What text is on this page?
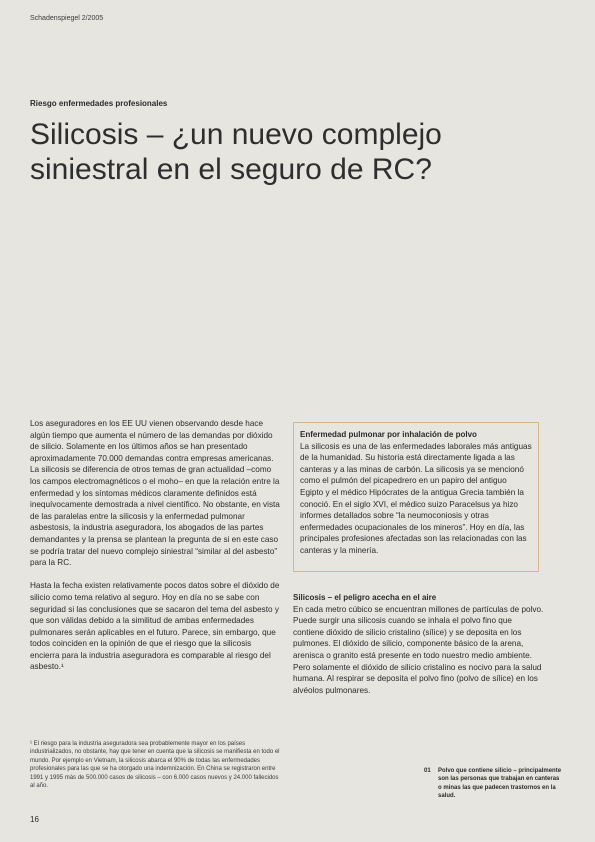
Schadenspiegel 2/2005
Riesgo enfermedades profesionales
Silicosis – ¿un nuevo complejo siniestral en el seguro de RC?

Los aseguradores en los EE UU vienen observando desde hace algún tiempo que aumenta el número de las demandas por dióxido de silicio. Solamente en los últimos años se han presentado aproximadamente 70.000 demandas contra empresas americanas. La silicosis se diferencia de otros temas de gran actualidad –como los campos electromagnéticos o el moho– en que la relación entre la enfermedad y los síntomas médicos claramente definidos está inequívocamente demostrada a nivel científico. No obstante, en vista de las paralelas entre la silicosis y la enfermedad pulmonar asbestosis, la industria aseguradora, los abogados de las partes demandantes y la prensa se plantean la pregunta de si en este caso se podría tratar del nuevo complejo siniestral “similar al del asbesto” para la RC.

Hasta la fecha existen relativamente pocos datos sobre el dióxido de silicio como tema relativo al seguro. Hoy en día no se sabe con seguridad si las conclusiones que se sacaron del tema del asbesto y que son válidas debido a la similitud de ambas enfermedades pulmonares serán aplicables en el futuro. Parece, sin embargo, que todos coinciden en la opinión de que el riesgo que la silicosis encierra para la industria aseguradora es comparable al riesgo del asbesto.¹

¹ El riesgo para la industria aseguradora sea probablemente mayor en los países industrializados, no obstante, hay que tener en cuenta que la silicosis se manifiesta en todo el mundo. Por ejemplo en Vietnam, la silicosis abarca el 90% de todas las enfermedades profesionales para las que se ha otorgado una indemnización. En China se registraron entre 1991 y 1995 más de 500.000 casos de silicosis – con 6.000 casos nuevos y 24.000 fallecidos al año.
16
Enfermedad pulmonar por inhalación de polvo
La silicosis es una de las enfermedades laborales más antiguas de la humanidad. Su historia está directamente ligada a las canteras y a las minas de carbón. La silicosis ya se mencionó como el pulmón del picapedrero en un papiro del antiguo Egipto y el médico Hipócrates de la antigua Grecia también la conoció. En el siglo XVI, el médico suizo Paracelsus ya hizo informes detallados sobre “la neumoconiosis y otras enfermedades ocupacionales de los mineros”. Hoy en día, las principales profesiones afectadas son las relacionadas con las canteras y la minería.
Silicosis – el peligro acecha en el aire
En cada metro cúbico se encuentran millones de partículas de polvo. Puede surgir una silicosis cuando se inhala el polvo fino que contiene dióxido de silicio cristalino (sílice) y se deposita en los pulmones. El dióxido de silicio, componente básico de la arena, arenisca o granito está presente en todo nuestro medio ambiente. Pero solamente el dióxido de silicio cristalino es nocivo para la salud humana. Al respirar se deposita el polvo fino (polvo de sílice) en los alvéolos pulmonares.
01 Polvo que contiene silicio – principalmente son las personas que trabajan en canteras o minas las que padecen trastornos en la salud.
